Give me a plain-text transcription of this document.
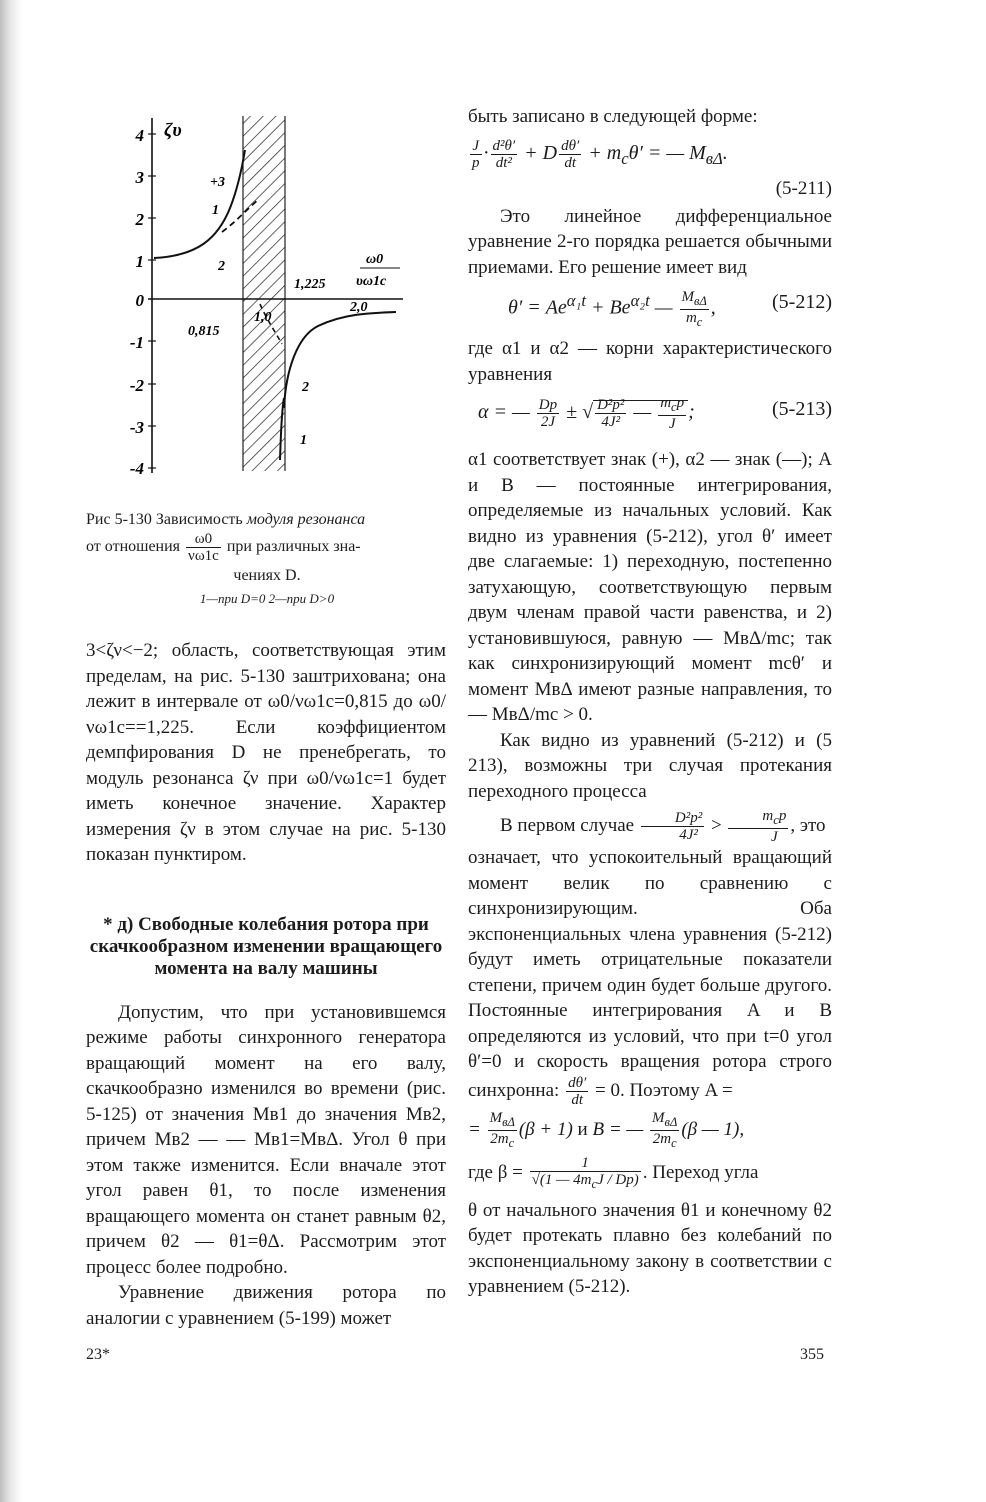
4
3
2
1
0
-1
-2
-3
-4
ζυ
ω0
υω1c
+3
1
2
1,225
0,815
1,0
2,0
2
1
Рис 5-130 Зависимость модуля резонанса
от отношения $\frac{\omega 0}{\nu\omega 1c}$ при различных зна-
чениях D.
1—при D=0 2—при D>0

3<ζν<−2; область, соответствующая этим пределам, на рис. 5-130 заштрихована; она лежит в интервале от ω0/νω1c=0,815 до ω0/νω1c==1,225. Если коэффициентом демпфирования D не пренебрегать, то модуль резонанса ζν при ω0/νω1c=1 будет иметь конечное значение. Характер измерения ζν в этом случае на рис. 5-130 показан пунктиром.

* д) Свободные колебания ротора при скачкообразном изменении вращающего момента на валу машины

Допустим, что при установившемся режиме работы синхронного генератора вращающий момент на его валу, скачкообразно изменился во времени (рис. 5-125) от значения Mв1 до значения Mв2, причем Mв2 — — Mв1=MвΔ. Угол θ при этом также изменится. Если вначале этот угол равен θ1, то после изменения вращающего момента он станет равным θ2, причем θ2 — θ1=θΔ. Рассмотрим этот процесс более подробно.

Уравнение движения ротора по аналогии с уравнением (5-199) может

быть записано в следующей форме:

$\frac{J}{p} \cdot \frac{\text{d²θ′}}{\text{dt²}} + D \frac{d\theta'}{dt} + m_c\theta'$ = — $M_{в\Delta}$.
(5-211)

Это линейное дифференциальное уравнение 2-го порядка решается обычными приемами. Его решение имеет вид

$\theta' = Ae^{\alpha_1t} + Be^{\alpha_2t}$ — $\frac{M_{в\Delta}}{m_c}$ ,	(5-212)

где α1 и α2 — корни характеристического уравнения

α = — $\frac{Dp}{2J}$ ± √ $\frac{\text{D²p²}}{\text{4J²}}$ — $\frac{m_cp}{J}$ ;	(5-213)

α1 соответствует знак (+), α2 — знак (—); A и B — постоянные интегрирования, определяемые из начальных условий. Как видно из уравнения (5-212), угол θ′ имеет две слагаемые: 1) переходную, постепенно затухающую, соответствующую первым двум членам правой части равенства, и 2) установившуюся, равную — MвΔ/mc; так как синхронизирующий момент mcθ′ и момент MвΔ имеют разные направления, то — MвΔ/mc > 0.

Как видно из уравнений (5-212) и (5 213), возможны три случая протекания переходного процесса

В первом случае $\frac{\text{D²p²}}{\text{4J²}} > \frac{m_cp}{J}$ , это

означает, что успокоительный вращающий момент велик по сравнению с синхронизирующим. Оба экспоненциальных члена уравнения (5-212) будут иметь отрицательные показатели степени, причем один будет больше другого. Постоянные интегрирования A и B определяются из условий, что при t=0 угол θ′=0 и скорость вращения ротора строго синхронна: $\frac{d\theta'}{dt} = 0$. Поэтому A =

= $\frac{M_{в\Delta}}{2m_c} (\beta + 1)$ и B = — $\frac{M_{в\Delta}}{2m_c} (\beta$ — 1),

где $\beta = \frac{1}{√(1 — 4m_cJ / Dp)}$ . Переход угла

θ от начального значения θ1 и конечному θ2 будет протекать плавно без колебаний по экспоненциальному закону в соответствии с уравнением (5-212).

23*	355
